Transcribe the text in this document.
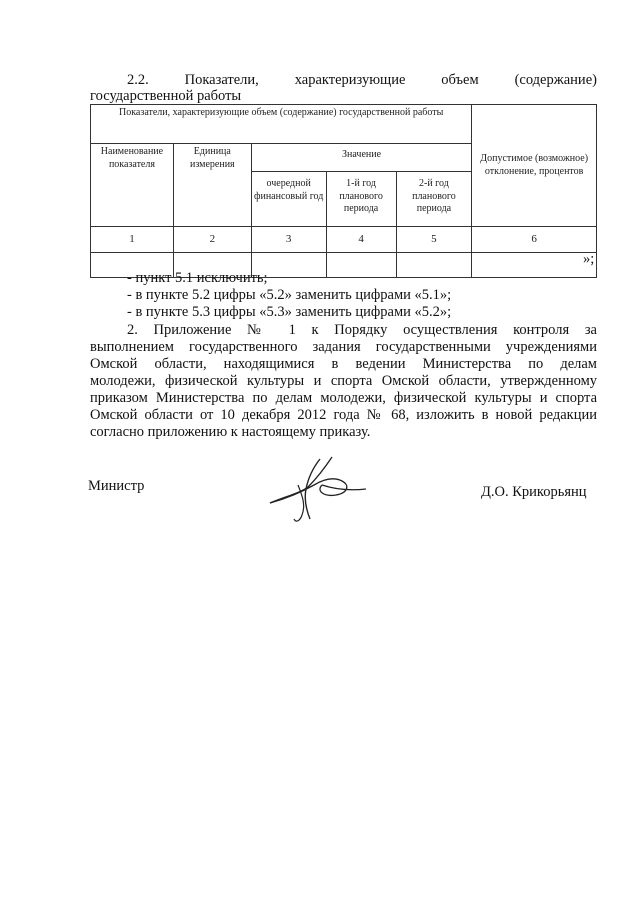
2.2. Показатели, характеризующие объем (содержание)
государственной работы
Показатели, характеризующие объем (содержание) государственной работы					Допустимое (возможное) отклонение, процентов
Наименование показателя	Единица измерения	Значение			
		очередной финансовый год	1-й год планового периода	2-й год планового периода	
1	2	3	4	5	6

»;
- пункт 5.1 исключить;
- в пункте 5.2 цифры «5.2» заменить цифрами «5.1»;
- в пункте 5.3 цифры «5.3» заменить цифрами «5.2»;
2. Приложение № 1 к Порядку осуществления контроля за
выполнением государственного задания государственными учреждениями
Омской области, находящимися в ведении Министерства по делам
молодежи, физической культуры и спорта Омской области, утвержденному
приказом Министерства по делам молодежи, физической культуры и спорта
Омской области от 10 декабря 2012 года № 68, изложить в новой редакции
согласно приложению к настоящему приказу.
Министр	Д.О. Крикорьянц
